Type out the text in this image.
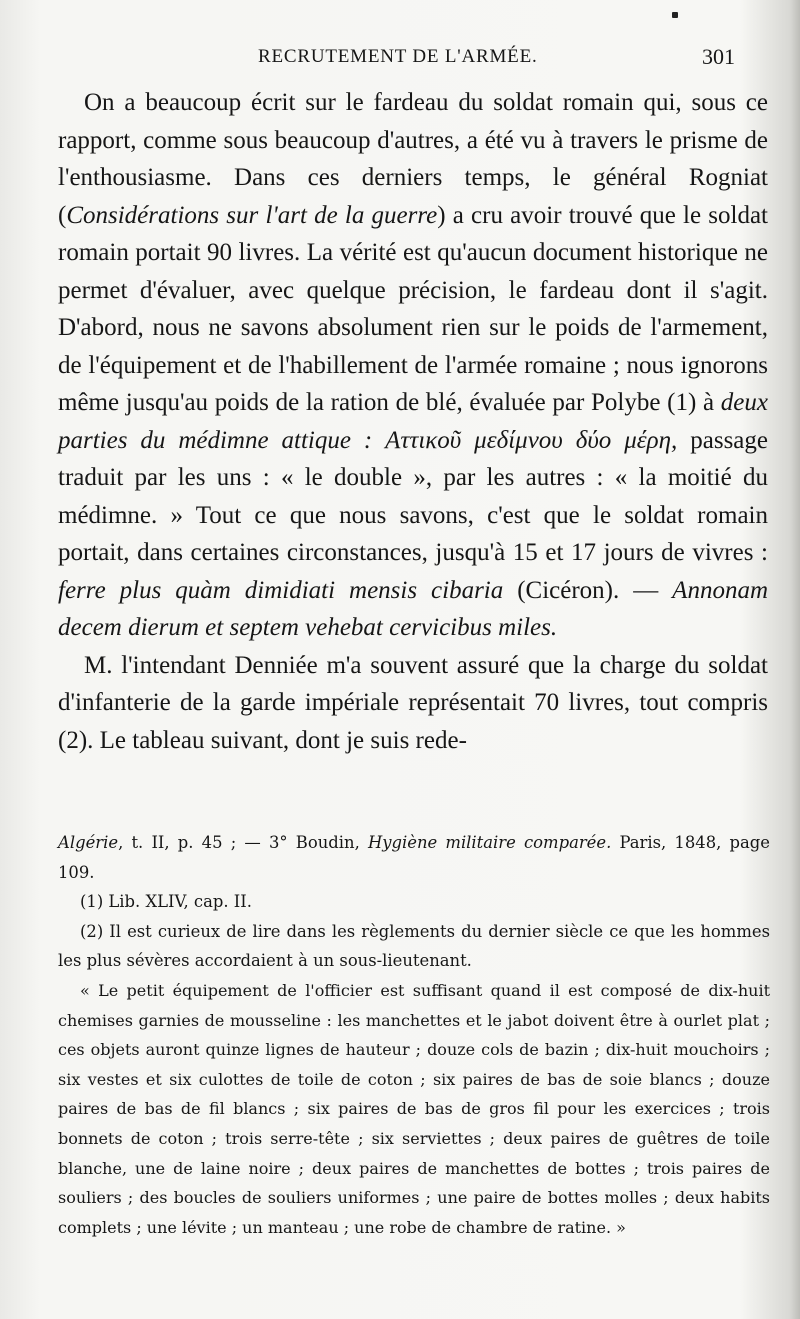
RECRUTEMENT DE L'ARMÉE.	301

On a beaucoup écrit sur le fardeau du soldat romain qui, sous ce rapport, comme sous beaucoup d'autres, a été vu à travers le prisme de l'enthousiasme. Dans ces derniers temps, le général Rogniat (Considérations sur l'art de la guerre) a cru avoir trouvé que le soldat romain portait 90 livres. La vérité est qu'aucun document historique ne permet d'évaluer, avec quelque précision, le fardeau dont il s'agit. D'abord, nous ne savons absolument rien sur le poids de l'armement, de l'équipement et de l'habillement de l'armée romaine ; nous ignorons même jusqu'au poids de la ration de blé, évaluée par Polybe (1) à deux parties du médimne attique : Αττικοῦ μεδίμνου δύο μέρη, passage traduit par les uns : « le double », par les autres : « la moitié du médimne. » Tout ce que nous savons, c'est que le soldat romain portait, dans certaines circonstances, jusqu'à 15 et 17 jours de vivres : ferre plus quàm dimidiati mensis cibaria (Cicéron). — Annonam decem dierum et septem vehebat cervicibus miles.

M. l'intendant Denniée m'a souvent assuré que la charge du soldat d'infanterie de la garde impériale représentait 70 livres, tout compris (2). Le tableau suivant, dont je suis rede-

Algérie, t. II, p. 45 ; — 3° Boudin, Hygiène militaire comparée. Paris, 1848, page 109.

(1) Lib. XLIV, cap. II.

(2) Il est curieux de lire dans les règlements du dernier siècle ce que les hommes les plus sévères accordaient à un sous-lieutenant.

« Le petit équipement de l'officier est suffisant quand il est composé de dix-huit chemises garnies de mousseline : les manchettes et le jabot doivent être à ourlet plat ; ces objets auront quinze lignes de hauteur ; douze cols de bazin ; dix-huit mouchoirs ; six vestes et six culottes de toile de coton ; six paires de bas de soie blancs ; douze paires de bas de fil blancs ; six paires de bas de gros fil pour les exercices ; trois bonnets de coton ; trois serre-tête ; six serviettes ; deux paires de guêtres de toile blanche, une de laine noire ; deux paires de manchettes de bottes ; trois paires de souliers ; des boucles de souliers uniformes ; une paire de bottes molles ; deux habits complets ; une lévite ; un manteau ; une robe de chambre de ratine. »
